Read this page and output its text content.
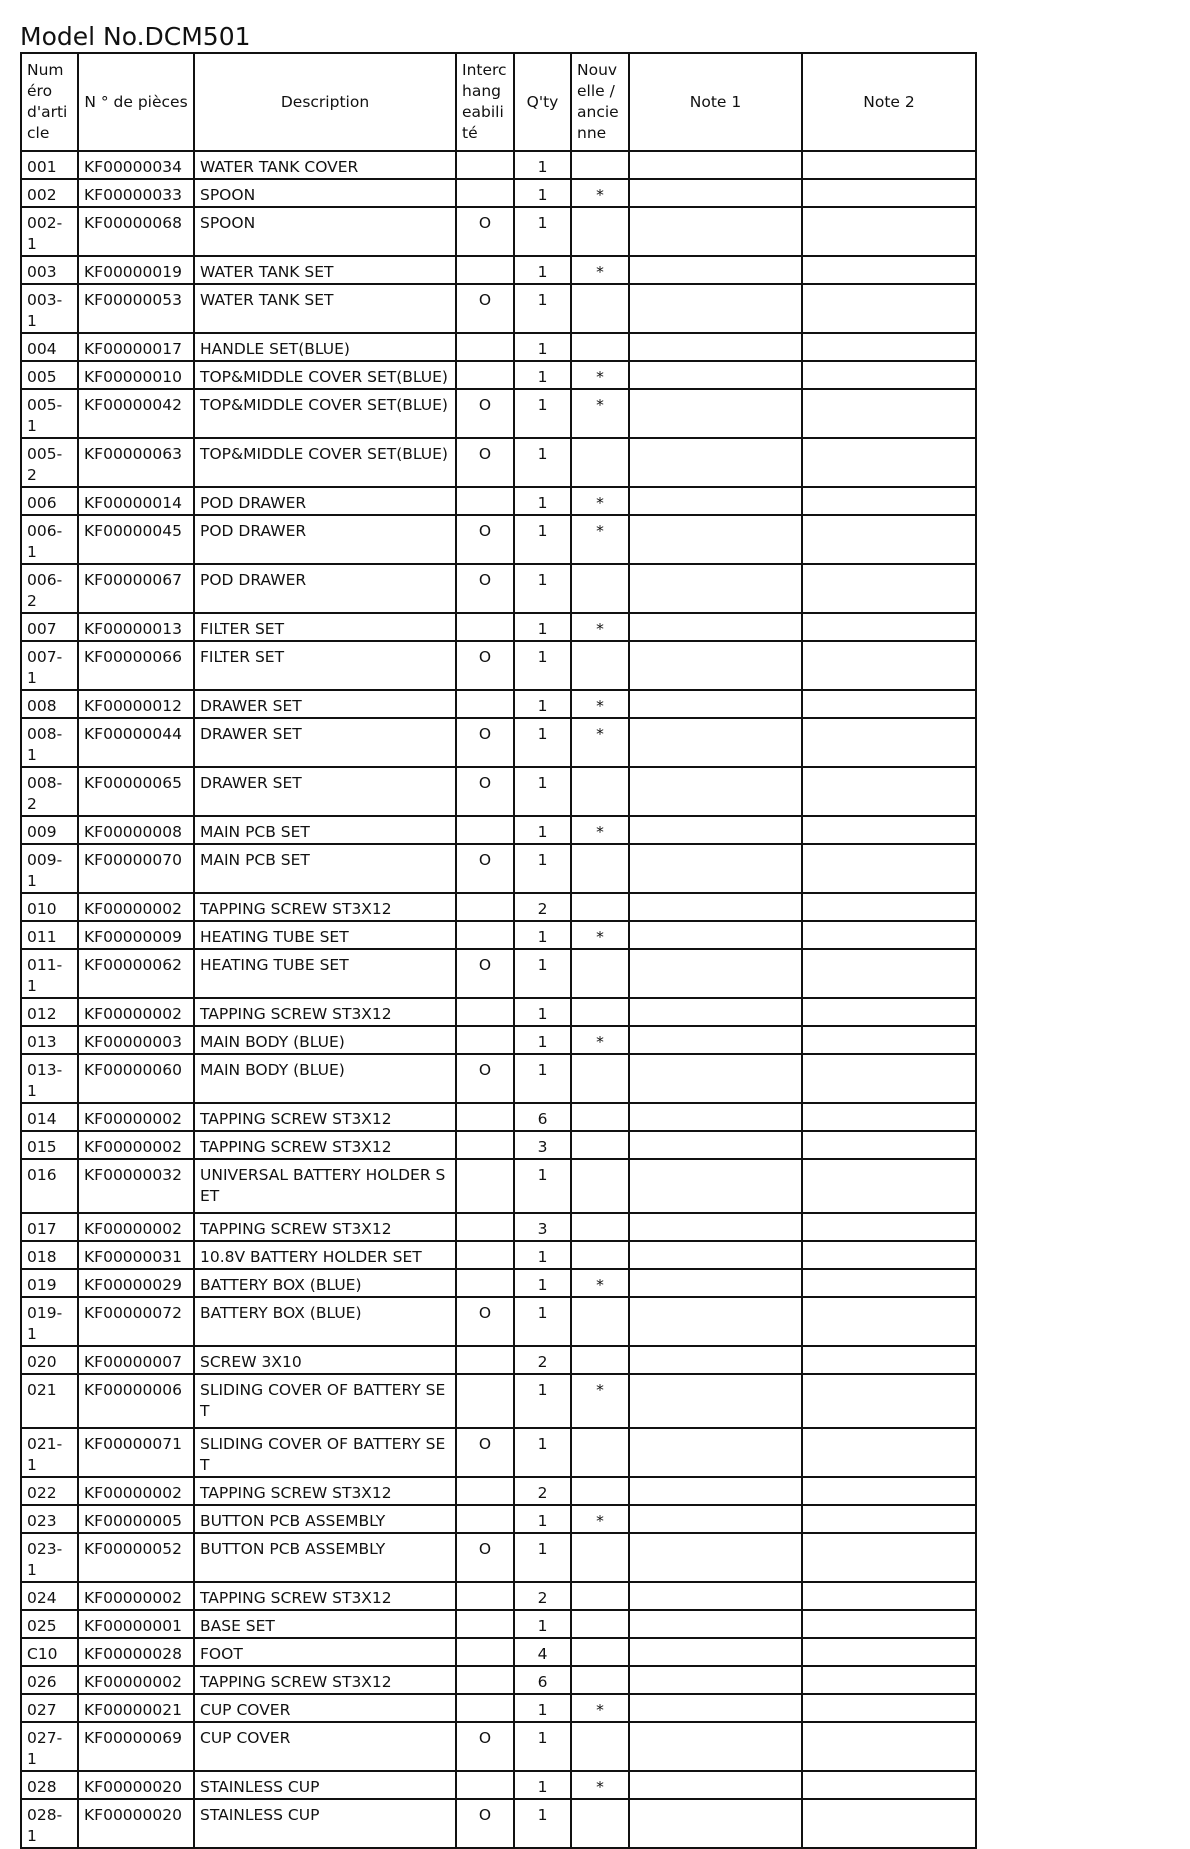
Model No.DCM501
Numéro d'article	N ° de pièces	Description	Interchangeabilité	Q'ty	Nouvelle / ancienne	Note 1	Note 2
001	KF00000034	WATER TANK COVER		1			
002	KF00000033	SPOON		1	*		
002-1	KF00000068	SPOON	O	1			
003	KF00000019	WATER TANK SET		1	*		
003-1	KF00000053	WATER TANK SET	O	1			
004	KF00000017	HANDLE SET(BLUE)		1			
005	KF00000010	TOP&MIDDLE COVER SET(BLUE)		1	*		
005-1	KF00000042	TOP&MIDDLE COVER SET(BLUE)	O	1	*		
005-2	KF00000063	TOP&MIDDLE COVER SET(BLUE)	O	1			
006	KF00000014	POD DRAWER		1	*		
006-1	KF00000045	POD DRAWER	O	1	*		
006-2	KF00000067	POD DRAWER	O	1			
007	KF00000013	FILTER SET		1	*		
007-1	KF00000066	FILTER SET	O	1			
008	KF00000012	DRAWER SET		1	*		
008-1	KF00000044	DRAWER SET	O	1	*		
008-2	KF00000065	DRAWER SET	O	1			
009	KF00000008	MAIN PCB SET		1	*		
009-1	KF00000070	MAIN PCB SET	O	1			
010	KF00000002	TAPPING SCREW ST3X12		2			
011	KF00000009	HEATING TUBE SET		1	*		
011-1	KF00000062	HEATING TUBE SET	O	1			
012	KF00000002	TAPPING SCREW ST3X12		1			
013	KF00000003	MAIN BODY (BLUE)		1	*		
013-1	KF00000060	MAIN BODY (BLUE)	O	1			
014	KF00000002	TAPPING SCREW ST3X12		6			
015	KF00000002	TAPPING SCREW ST3X12		3			
016	KF00000032	UNIVERSAL BATTERY HOLDER SET		1			
017	KF00000002	TAPPING SCREW ST3X12		3			
018	KF00000031	10.8V BATTERY HOLDER SET		1			
019	KF00000029	BATTERY BOX (BLUE)		1	*		
019-1	KF00000072	BATTERY BOX (BLUE)	O	1			
020	KF00000007	SCREW 3X10		2			
021	KF00000006	SLIDING COVER OF BATTERY SET		1	*		
021-1	KF00000071	SLIDING COVER OF BATTERY SET	O	1			
022	KF00000002	TAPPING SCREW ST3X12		2			
023	KF00000005	BUTTON PCB ASSEMBLY		1	*		
023-1	KF00000052	BUTTON PCB ASSEMBLY	O	1			
024	KF00000002	TAPPING SCREW ST3X12		2			
025	KF00000001	BASE SET		1			
C10	KF00000028	FOOT		4			
026	KF00000002	TAPPING SCREW ST3X12		6			
027	KF00000021	CUP COVER		1	*		
027-1	KF00000069	CUP COVER	O	1			
028	KF00000020	STAINLESS CUP		1	*		
028-1	KF00000020	STAINLESS CUP	O	1			
